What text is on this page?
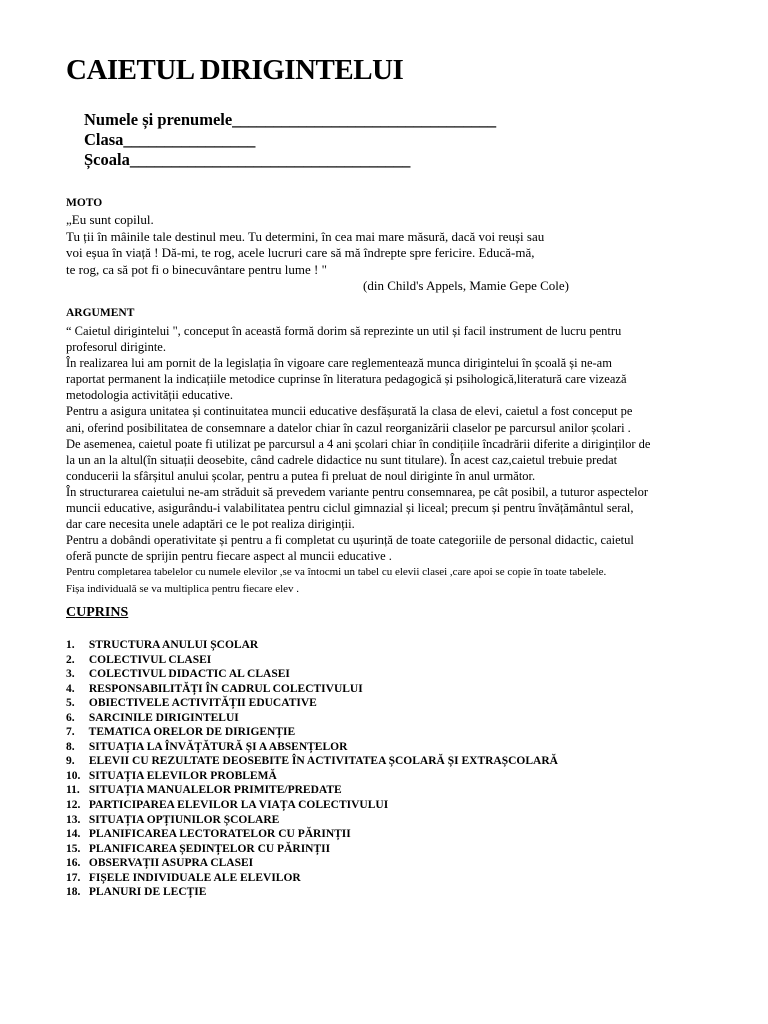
CAIETUL DIRIGINTELUI
Numele și prenumele________________________________
Clasa________________
Școala__________________________________
MOTO
„Eu sunt copilul.
Tu ții în mâinile tale destinul meu. Tu determini, în cea mai mare măsură, dacă voi reuși sau
voi eșua în viață ! Dă-mi, te rog, acele lucruri care să mă îndrepte spre fericire. Educă-mă,
te rog, ca să pot fi o binecuvântare pentru lume ! "
(din Child's Appels, Mamie Gepe Cole)
ARGUMENT
“ Caietul dirigintelui ", conceput în această formă dorim să reprezinte un util și facil instrument de lucru pentru
profesorul diriginte.
În realizarea lui am pornit de la legislația în vigoare care reglementează munca dirigintelui în școală și ne-am
raportat permanent la indicațiile metodice cuprinse în literatura pedagogică și psihologică,literatură care vizează
metodologia activității educative.
Pentru a asigura unitatea și continuitatea muncii educative desfășurată la clasa de elevi, caietul a fost conceput pe
ani, oferind posibilitatea de consemnare a datelor chiar în cazul reorganizării claselor pe parcursul anilor școlari .
De asemenea, caietul poate fi utilizat pe parcursul a 4 ani școlari chiar în condițiile încadrării diferite a diriginților de
la un an la altul(în situații deosebite, când cadrele didactice nu sunt titulare). În acest caz,caietul trebuie predat
conducerii la sfârșitul anului școlar, pentru a putea fi preluat de noul diriginte în anul următor.
În structurarea caietului ne-am străduit să prevedem variante pentru consemnarea, pe cât posibil, a tuturor aspectelor
muncii educative, asigurându-i valabilitatea pentru ciclul gimnazial și liceal; precum și pentru învățământul seral,
dar care necesita unele adaptări ce le pot realiza diriginții.
Pentru a dobândi operativitate și pentru a fi completat cu ușurință de toate categoriile de personal didactic, caietul
oferă puncte de sprijin pentru fiecare aspect al muncii educative .
Pentru completarea tabelelor cu numele elevilor ,se va întocmi un tabel cu elevii clasei ,care apoi se copie în toate tabelele.
Fișa individuală se va multiplica pentru fiecare elev .
CUPRINS
1. STRUCTURA ANULUI ȘCOLAR
2. COLECTIVUL CLASEI
3. COLECTIVUL DIDACTIC AL CLASEI
4. RESPONSABILITĂȚI ÎN CADRUL COLECTIVULUI
5. OBIECTIVELE ACTIVITĂȚII EDUCATIVE
6. SARCINILE DIRIGINTELUI
7. TEMATICA ORELOR DE DIRIGENȚIE
8. SITUAȚIA LA ÎNVĂȚĂTURĂ ȘI A ABSENȚELOR
9. ELEVII CU REZULTATE DEOSEBITE ÎN ACTIVITATEA ȘCOLARĂ ȘI EXTRAȘCOLARĂ
10. SITUAȚIA ELEVILOR PROBLEMĂ
11. SITUAȚIA MANUALELOR PRIMITE/PREDATE
12. PARTICIPAREA ELEVILOR LA VIAȚA COLECTIVULUI
13. SITUAȚIA OPȚIUNILOR ȘCOLARE
14. PLANIFICAREA LECTORATELOR CU PĂRINȚII
15. PLANIFICAREA ȘEDINȚELOR CU PĂRINȚII
16. OBSERVAȚII ASUPRA CLASEI
17. FIȘELE INDIVIDUALE ALE ELEVILOR
18. PLANURI DE LECȚIE
